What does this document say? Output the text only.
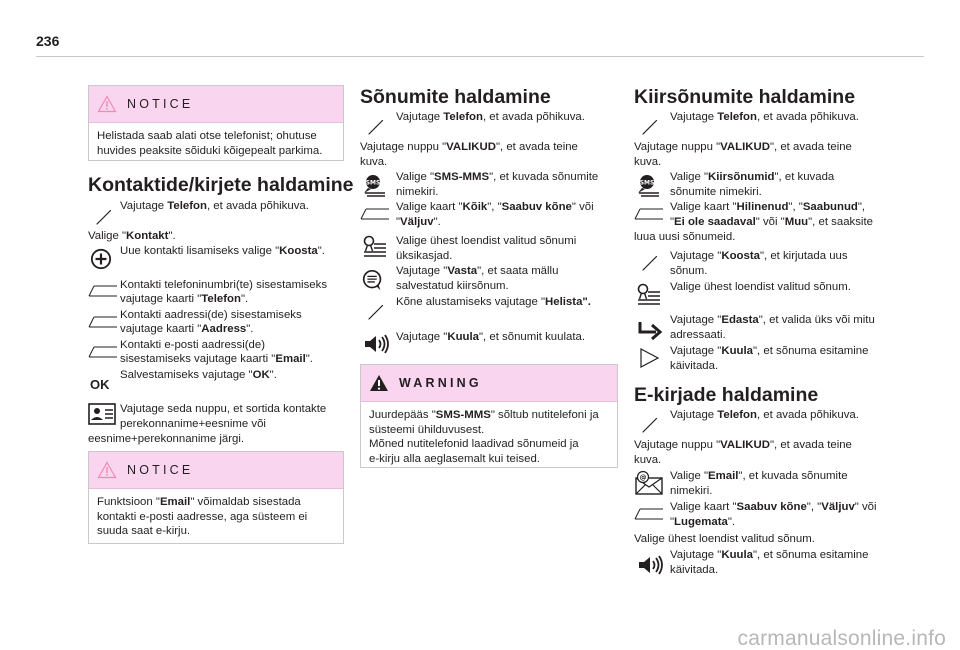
236
NOTICE
Helistada saab alati otse telefonist; ohutuse
huvides peaksite sõiduki kõigepealt parkima.
Kontaktide/kirjete haldamine
Vajutage Telefon, et avada põhikuva.
Valige "Kontakt".
Uue kontakti lisamiseks valige "Koosta".
Kontakti telefoninumbri(te) sisestamiseks
vajutage kaarti "Telefon".
Kontakti aadressi(de) sisestamiseks
vajutage kaarti "Aadress".
Kontakti e-posti aadressi(de)
sisestamiseks vajutage kaarti "Email".
OK
Salvestamiseks vajutage "OK".
Vajutage seda nuppu, et sortida kontakte
perekonnanime+eesnime või
eesnime+perekonnanime järgi.
NOTICE
Funktsioon "Email" võimaldab sisestada
kontakti e-posti aadresse, aga süsteem ei
suuda saat e-kirju.
Sõnumite haldamine
Vajutage Telefon, et avada põhikuva.
Vajutage nuppu "VALIKUD", et avada teine
kuva.
Valige "SMS-MMS", et kuvada sõnumite
nimekiri.
Valige kaart "Kõik", "Saabuv kõne" või
"Väljuv".
Valige ühest loendist valitud sõnumi
üksikasjad.
Vajutage "Vasta", et saata mällu
salvestatud kiirsõnum.
Kõne alustamiseks vajutage "Helista".
Vajutage "Kuula", et sõnumit kuulata.
WARNING
Juurdepääs "SMS-MMS" sõltub nutitelefoni ja
süsteemi ühilduvusest.
Mõned nutitelefonid laadivad sõnumeid ja
e-kirju alla aeglasemalt kui teised.
Kiirsõnumite haldamine
Vajutage Telefon, et avada põhikuva.
Vajutage nuppu "VALIKUD", et avada teine
kuva.
Valige "Kiirsõnumid", et kuvada
sõnumite nimekiri.
Valige kaart "Hilinenud", "Saabunud",
"Ei ole saadaval" või "Muu", et saaksite
luua uusi sõnumeid.
Vajutage "Koosta", et kirjutada uus
sõnum.
Valige ühest loendist valitud sõnum.
Vajutage "Edasta", et valida üks või mitu
adressaati.
Vajutage "Kuula", et sõnuma esitamine
käivitada.
E-kirjade haldamine
Vajutage Telefon, et avada põhikuva.
Vajutage nuppu "VALIKUD", et avada teine
kuva.
Valige "Email", et kuvada sõnumite
nimekiri.
Valige kaart "Saabuv kõne", "Väljuv" või
"Lugemata".
Valige ühest loendist valitud sõnum.
Vajutage "Kuula", et sõnuma esitamine
käivitada.
carmanualsonline.info
